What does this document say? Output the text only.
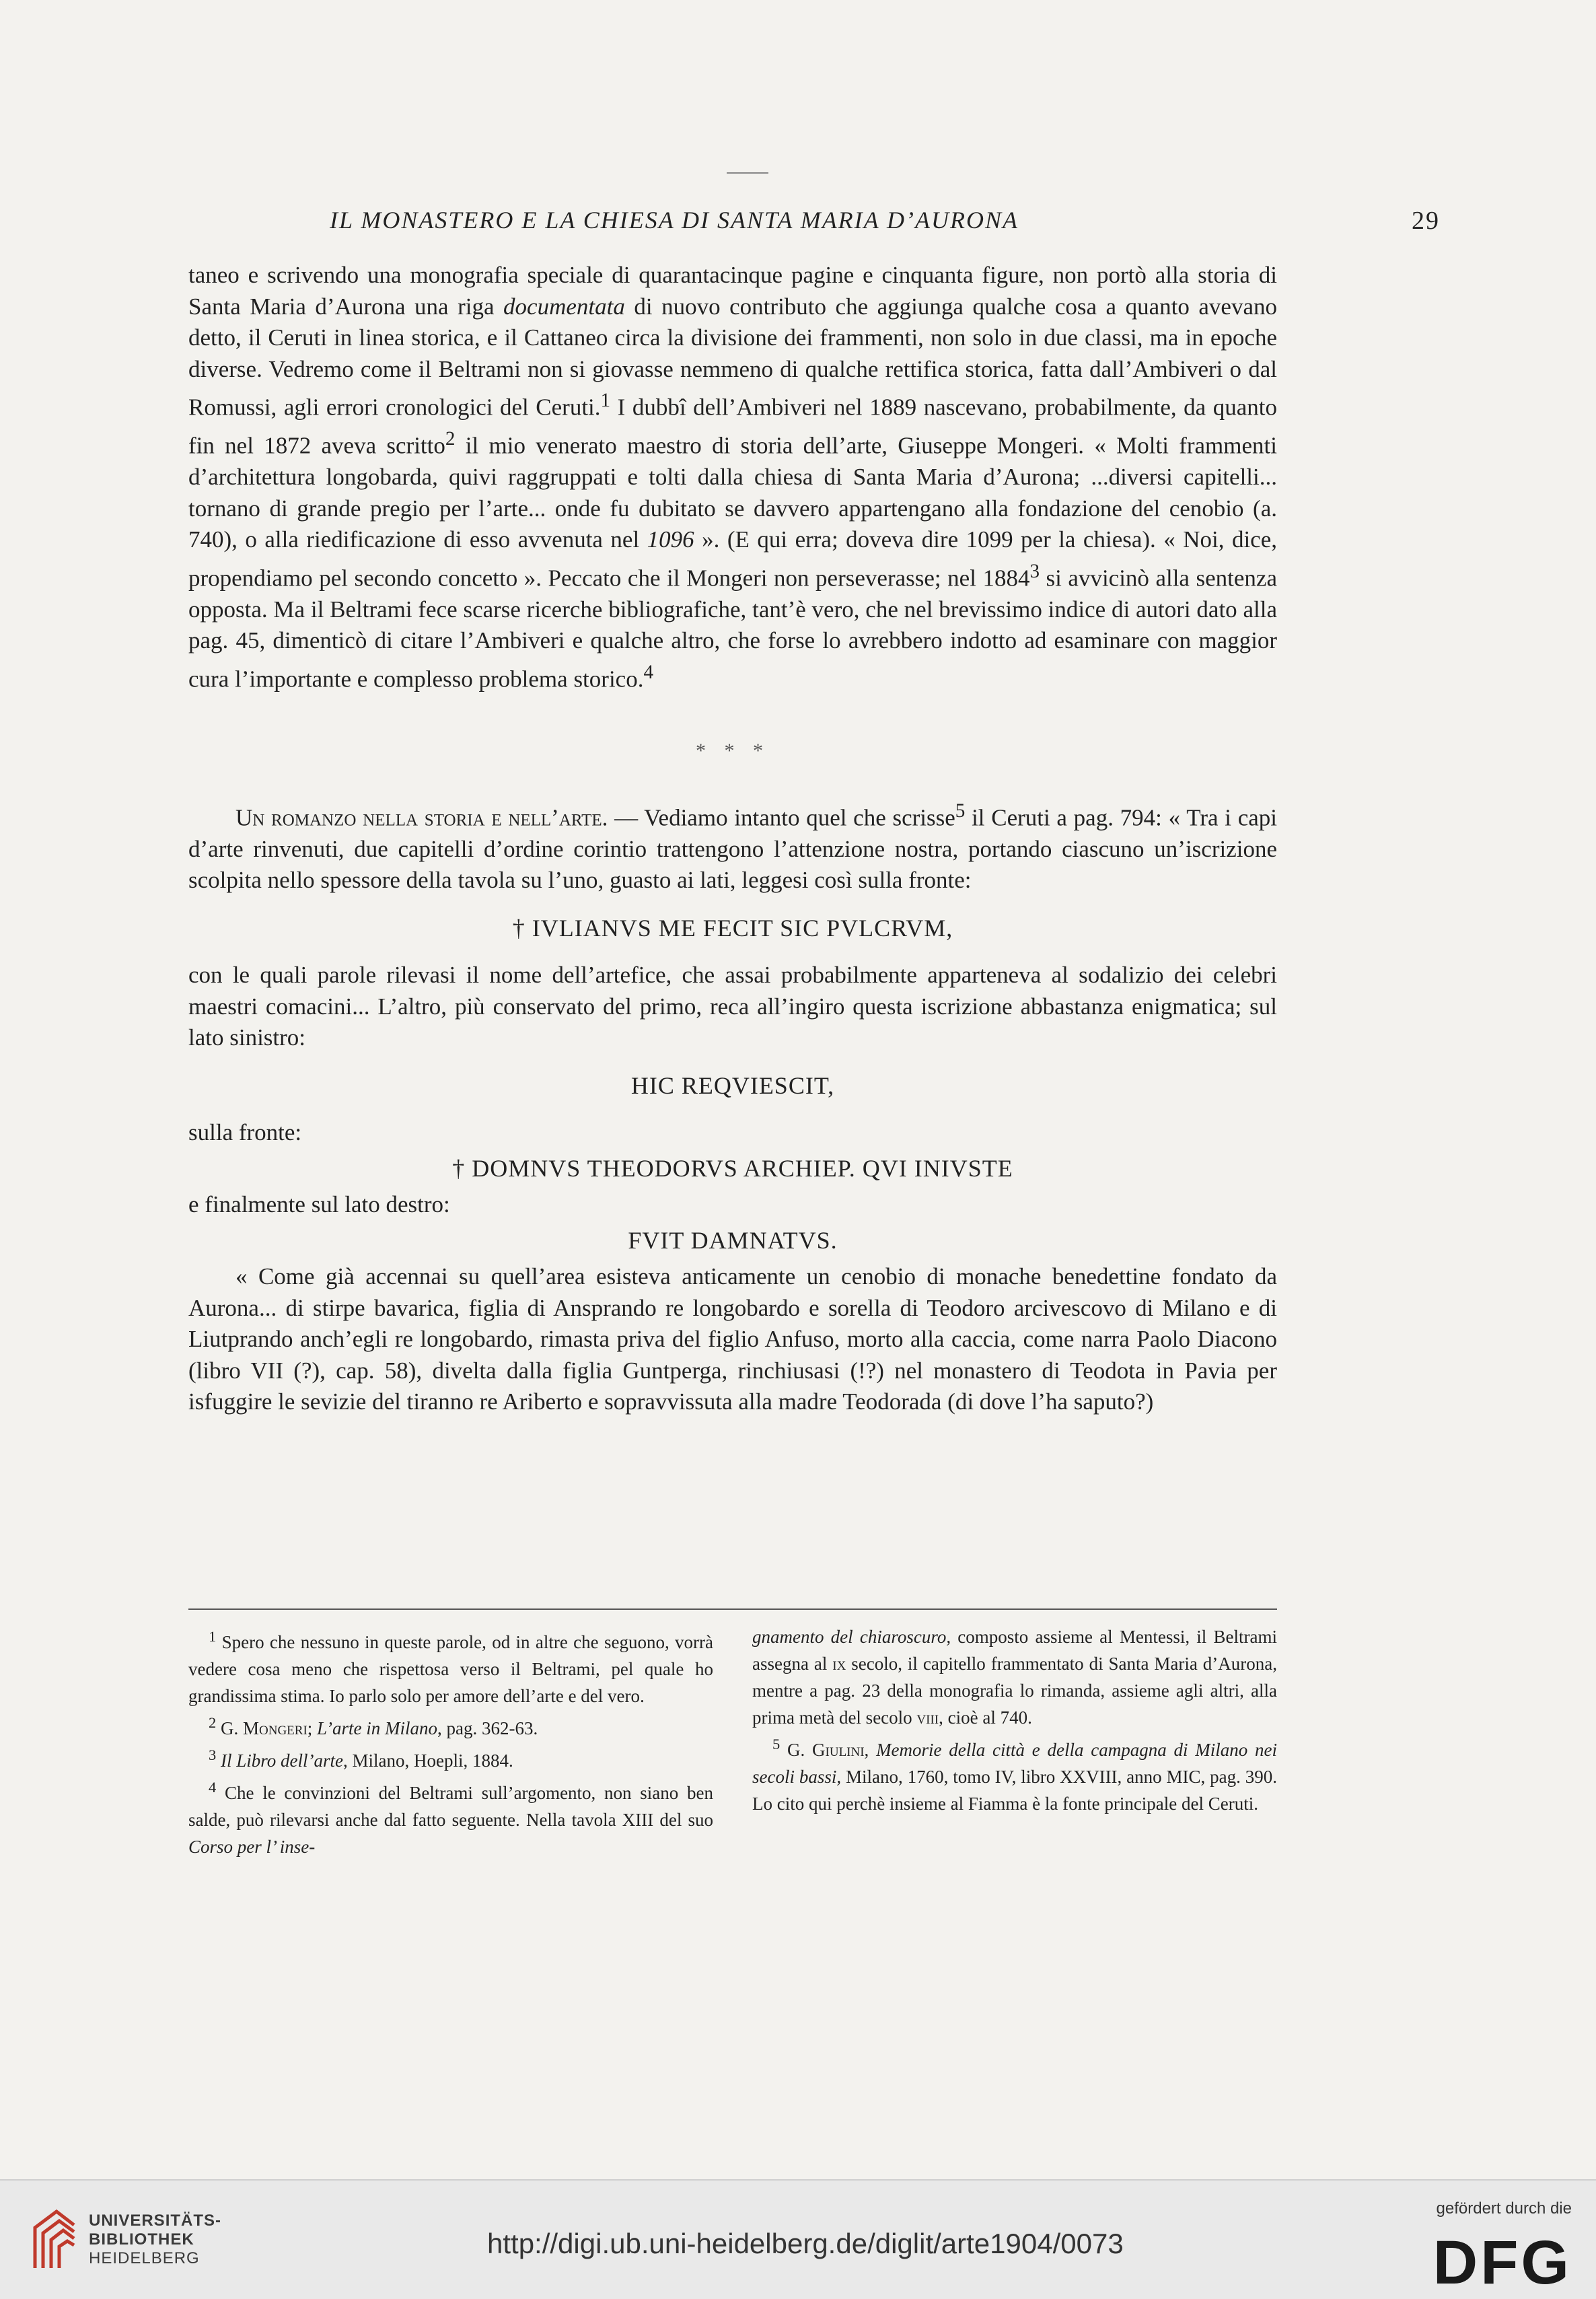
IL MONASTERO E LA CHIESA DI SANTA MARIA D’AURONA	29

taneo e scrivendo una monografia speciale di quarantacinque pagine e cinquanta figure, non portò alla storia di Santa Maria d’Aurona una riga documentata di nuovo contributo che aggiunga qualche cosa a quanto avevano detto, il Ceruti in linea storica, e il Cattaneo circa la divisione dei frammenti, non solo in due classi, ma in epoche diverse. Vedremo come il Beltrami non si giovasse nemmeno di qualche rettifica storica, fatta dall’Ambiveri o dal Romussi, agli errori cronologici del Ceruti.$^1$ I dubbî dell’Ambiveri nel 1889 nascevano, probabilmente, da quanto fin nel 1872 aveva scritto$^2$ il mio venerato maestro di storia dell’arte, Giuseppe Mongeri. « Molti frammenti d’architettura longobarda, quivi raggruppati e tolti dalla chiesa di Santa Maria d’Aurona; ...diversi capitelli... tornano di grande pregio per l’arte... onde fu dubitato se davvero appartengano alla fondazione del cenobio (a. 740), o alla riedificazione di esso avvenuta nel 1096 ». (E qui erra; doveva dire 1099 per la chiesa). « Noi, dice, propendiamo pel secondo concetto ». Peccato che il Mongeri non perseverasse; nel 1884$^3$ si avvicinò alla sentenza opposta. Ma il Beltrami fece scarse ricerche bibliografiche, tant’è vero, che nel brevissimo indice di autori dato alla pag. 45, dimenticò di citare l’Ambiveri e qualche altro, che forse lo avrebbero indotto ad esaminare con maggior cura l’importante e complesso problema storico.$^4$

* * *

Un romanzo nella storia e nell’arte. — Vediamo intanto quel che scrisse$^5$ il Ceruti a pag. 794: « Tra i capi d’arte rinvenuti, due capitelli d’ordine corintio trattengono l’attenzione nostra, portando ciascuno un’iscrizione scolpita nello spessore della tavola su l’uno, guasto ai lati, leggesi così sulla fronte:

† IVLIANVS ME FECIT SIC PVLCRVM,

con le quali parole rilevasi il nome dell’artefice, che assai probabilmente apparteneva al sodalizio dei celebri maestri comacini... L’altro, più conservato del primo, reca all’ingiro questa iscrizione abbastanza enigmatica; sul lato sinistro:

HIC REQVIESCIT,

sulla fronte:

† DOMNVS THEODORVS ARCHIEP. QVI INIVSTE

e finalmente sul lato destro:

FVIT DAMNATVS.

« Come già accennai su quell’area esisteva anticamente un cenobio di monache benedettine fondato da Aurona... di stirpe bavarica, figlia di Ansprando re longobardo e sorella di Teodoro arcivescovo di Milano e di Liutprando anch’egli re longobardo, rimasta priva del figlio Anfuso, morto alla caccia, come narra Paolo Diacono (libro VII (?), cap. 58), divelta dalla figlia Guntperga, rinchiusasi (!?) nel monastero di Teodota in Pavia per isfuggire le sevizie del tiranno re Ariberto e sopravvissuta alla madre Teodorada (di dove l’ha saputo?)

$^1$ Spero che nessuno in queste parole, od in altre che seguono, vorrà vedere cosa meno che rispettosa verso il Beltrami, pel quale ho grandissima stima. Io parlo solo per amore dell’arte e del vero.

$^2$ G. Mongeri; L’arte in Milano, pag. 362-63.

$^3$ Il Libro dell’arte, Milano, Hoepli, 1884.

$^4$ Che le convinzioni del Beltrami sull’argomento, non siano ben salde, può rilevarsi anche dal fatto seguente. Nella tavola XIII del suo Corso per l’ inse-

gnamento del chiaroscuro, composto assieme al Mentessi, il Beltrami assegna al ix secolo, il capitello frammentato di Santa Maria d’Aurona, mentre a pag. 23 della monografia lo rimanda, assieme agli altri, alla prima metà del secolo viii, cioè al 740.

$^5$ G. Giulini, Memorie della città e della campagna di Milano nei secoli bassi, Milano, 1760, tomo IV, libro XXVIII, anno MIC, pag. 390. Lo cito qui perchè insieme al Fiamma è la fonte principale del Ceruti.

UNIVERSITÄTS-
BIBLIOTHEK
HEIDELBERG	http://digi.ub.uni-heidelberg.de/diglit/arte1904/0073
gefördert durch die
DFG
